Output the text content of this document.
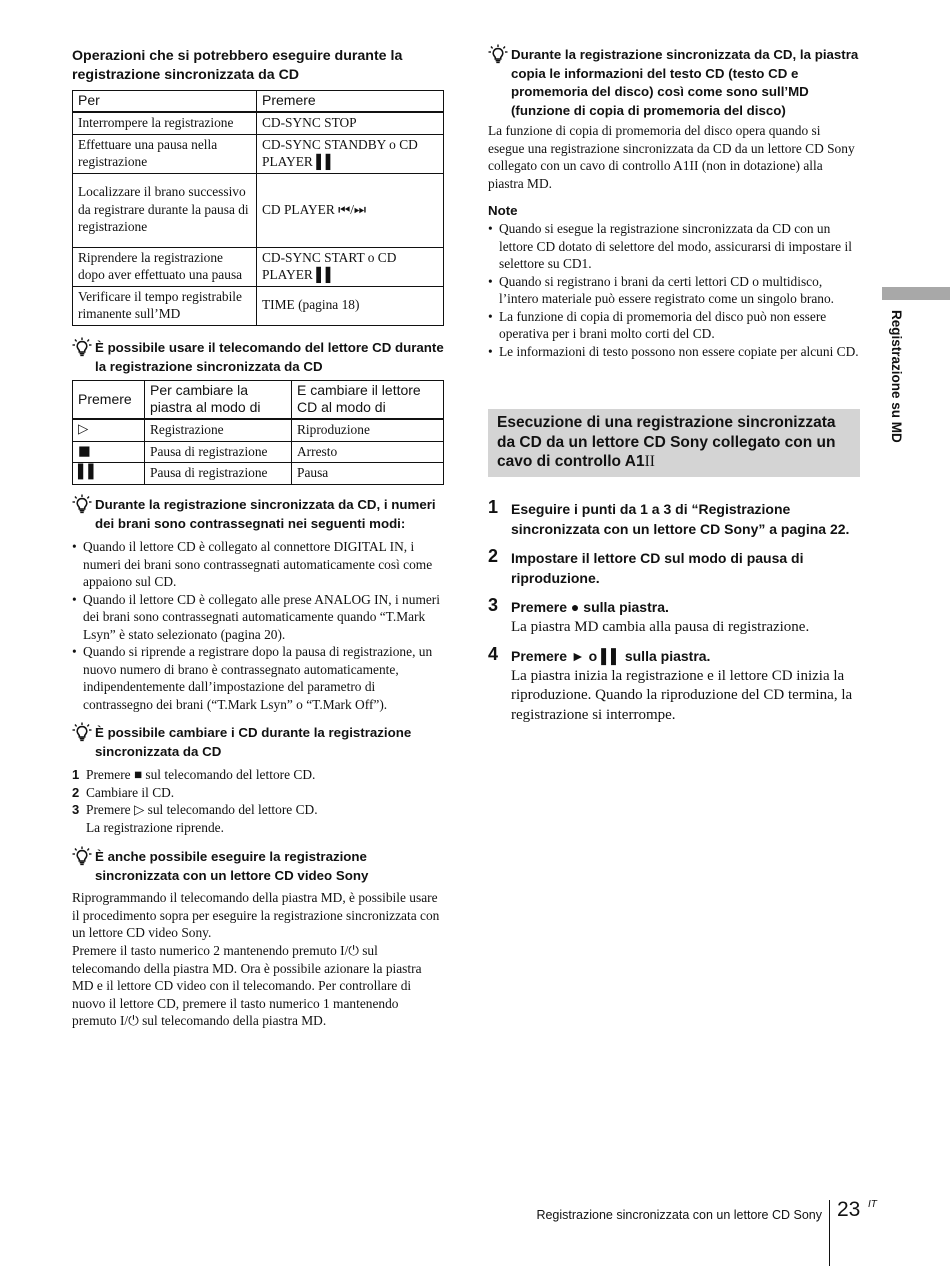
Operazioni che si potrebbero eseguire durante la registrazione sincronizzata da CD
Per	Premere
Interrompere la registrazione	CD-SYNC STOP
Effettuare una pausa nella registrazione	CD-SYNC STANDBY o CD PLAYER ▌▌
Localizzare il brano successivo da registrare durante la pausa di registrazione	CD PLAYER ⏮/⏭
Riprendere la registrazione dopo aver effettuato una pausa	CD-SYNC START o CD PLAYER ▌▌
Verificare il tempo registrabile rimanente sull’MD	TIME (pagina 18)
È possibile usare il telecomando del lettore CD durante la registrazione sincronizzata da CD
Premere	Per cambiare la piastra al modo di	E cambiare il lettore CD al modo di
▷	Registrazione	Riproduzione
■	Pausa di registrazione	Arresto
▌▌	Pausa di registrazione	Pausa
Durante la registrazione sincronizzata da CD, i numeri dei brani sono contrassegnati nei seguenti modi:
• Quando il lettore CD è collegato al connettore DIGITAL IN, i numeri dei brani sono contrassegnati automaticamente così come appaiono sul CD.
• Quando il lettore CD è collegato alle prese ANALOG IN, i numeri dei brani sono contrassegnati automaticamente quando “T.Mark Lsyn” è stato selezionato (pagina 20).
• Quando si riprende a registrare dopo la pausa di registrazione, un nuovo numero di brano è contrassegnato automaticamente, indipendentemente dall’impostazione del parametro di contrassegno dei brani (“T.Mark Lsyn” o “T.Mark Off”).
È possibile cambiare i CD durante la registrazione sincronizzata da CD
1 Premere ■ sul telecomando del lettore CD.
2 Cambiare il CD.
3 Premere ▷ sul telecomando del lettore CD.
La registrazione riprende.
È anche possibile eseguire la registrazione sincronizzata con un lettore CD video Sony
Riprogrammando il telecomando della piastra MD, è possibile usare il procedimento sopra per eseguire la registrazione sincronizzata con un lettore CD video Sony.
Premere il tasto numerico 2 mantenendo premuto I/⏻ sul telecomando della piastra MD. Ora è possibile azionare la piastra MD e il lettore CD video con il telecomando. Per controllare di nuovo il lettore CD, premere il tasto numerico 1 mantenendo premuto I/⏻ sul telecomando della piastra MD.
Durante la registrazione sincronizzata da CD, la piastra copia le informazioni del testo CD (testo CD e promemoria del disco) così come sono sull’MD (funzione di copia di promemoria del disco)
La funzione di copia di promemoria del disco opera quando si esegue una registrazione sincronizzata da CD da un lettore CD Sony collegato con un cavo di controllo A1II (non in dotazione) alla piastra MD.
Note
• Quando si esegue la registrazione sincronizzata da CD con un lettore CD dotato di selettore del modo, assicurarsi di impostare il selettore su CD1.
• Quando si registrano i brani da certi lettori CD o multidisco, l’intero materiale può essere registrato come un singolo brano.
• La funzione di copia di promemoria del disco può non essere operativa per i brani molto corti del CD.
• Le informazioni di testo possono non essere copiate per alcuni CD.
Esecuzione di una registrazione sincronizzata da CD da un lettore CD Sony collegato con un cavo di controllo A1II
1 Eseguire i punti da 1 a 3 di “Registrazione sincronizzata con un lettore CD Sony” a pagina 22.
2 Impostare il lettore CD sul modo di pausa di riproduzione.
3 Premere ● sulla piastra.
La piastra MD cambia alla pausa di registrazione.
4 Premere ► o ▌▌ sulla piastra.
La piastra inizia la registrazione e il lettore CD inizia la riproduzione. Quando la riproduzione del CD termina, la registrazione si interrompe.
Registrazione su MD
Registrazione sincronizzata con un lettore CD Sony 23 IT
